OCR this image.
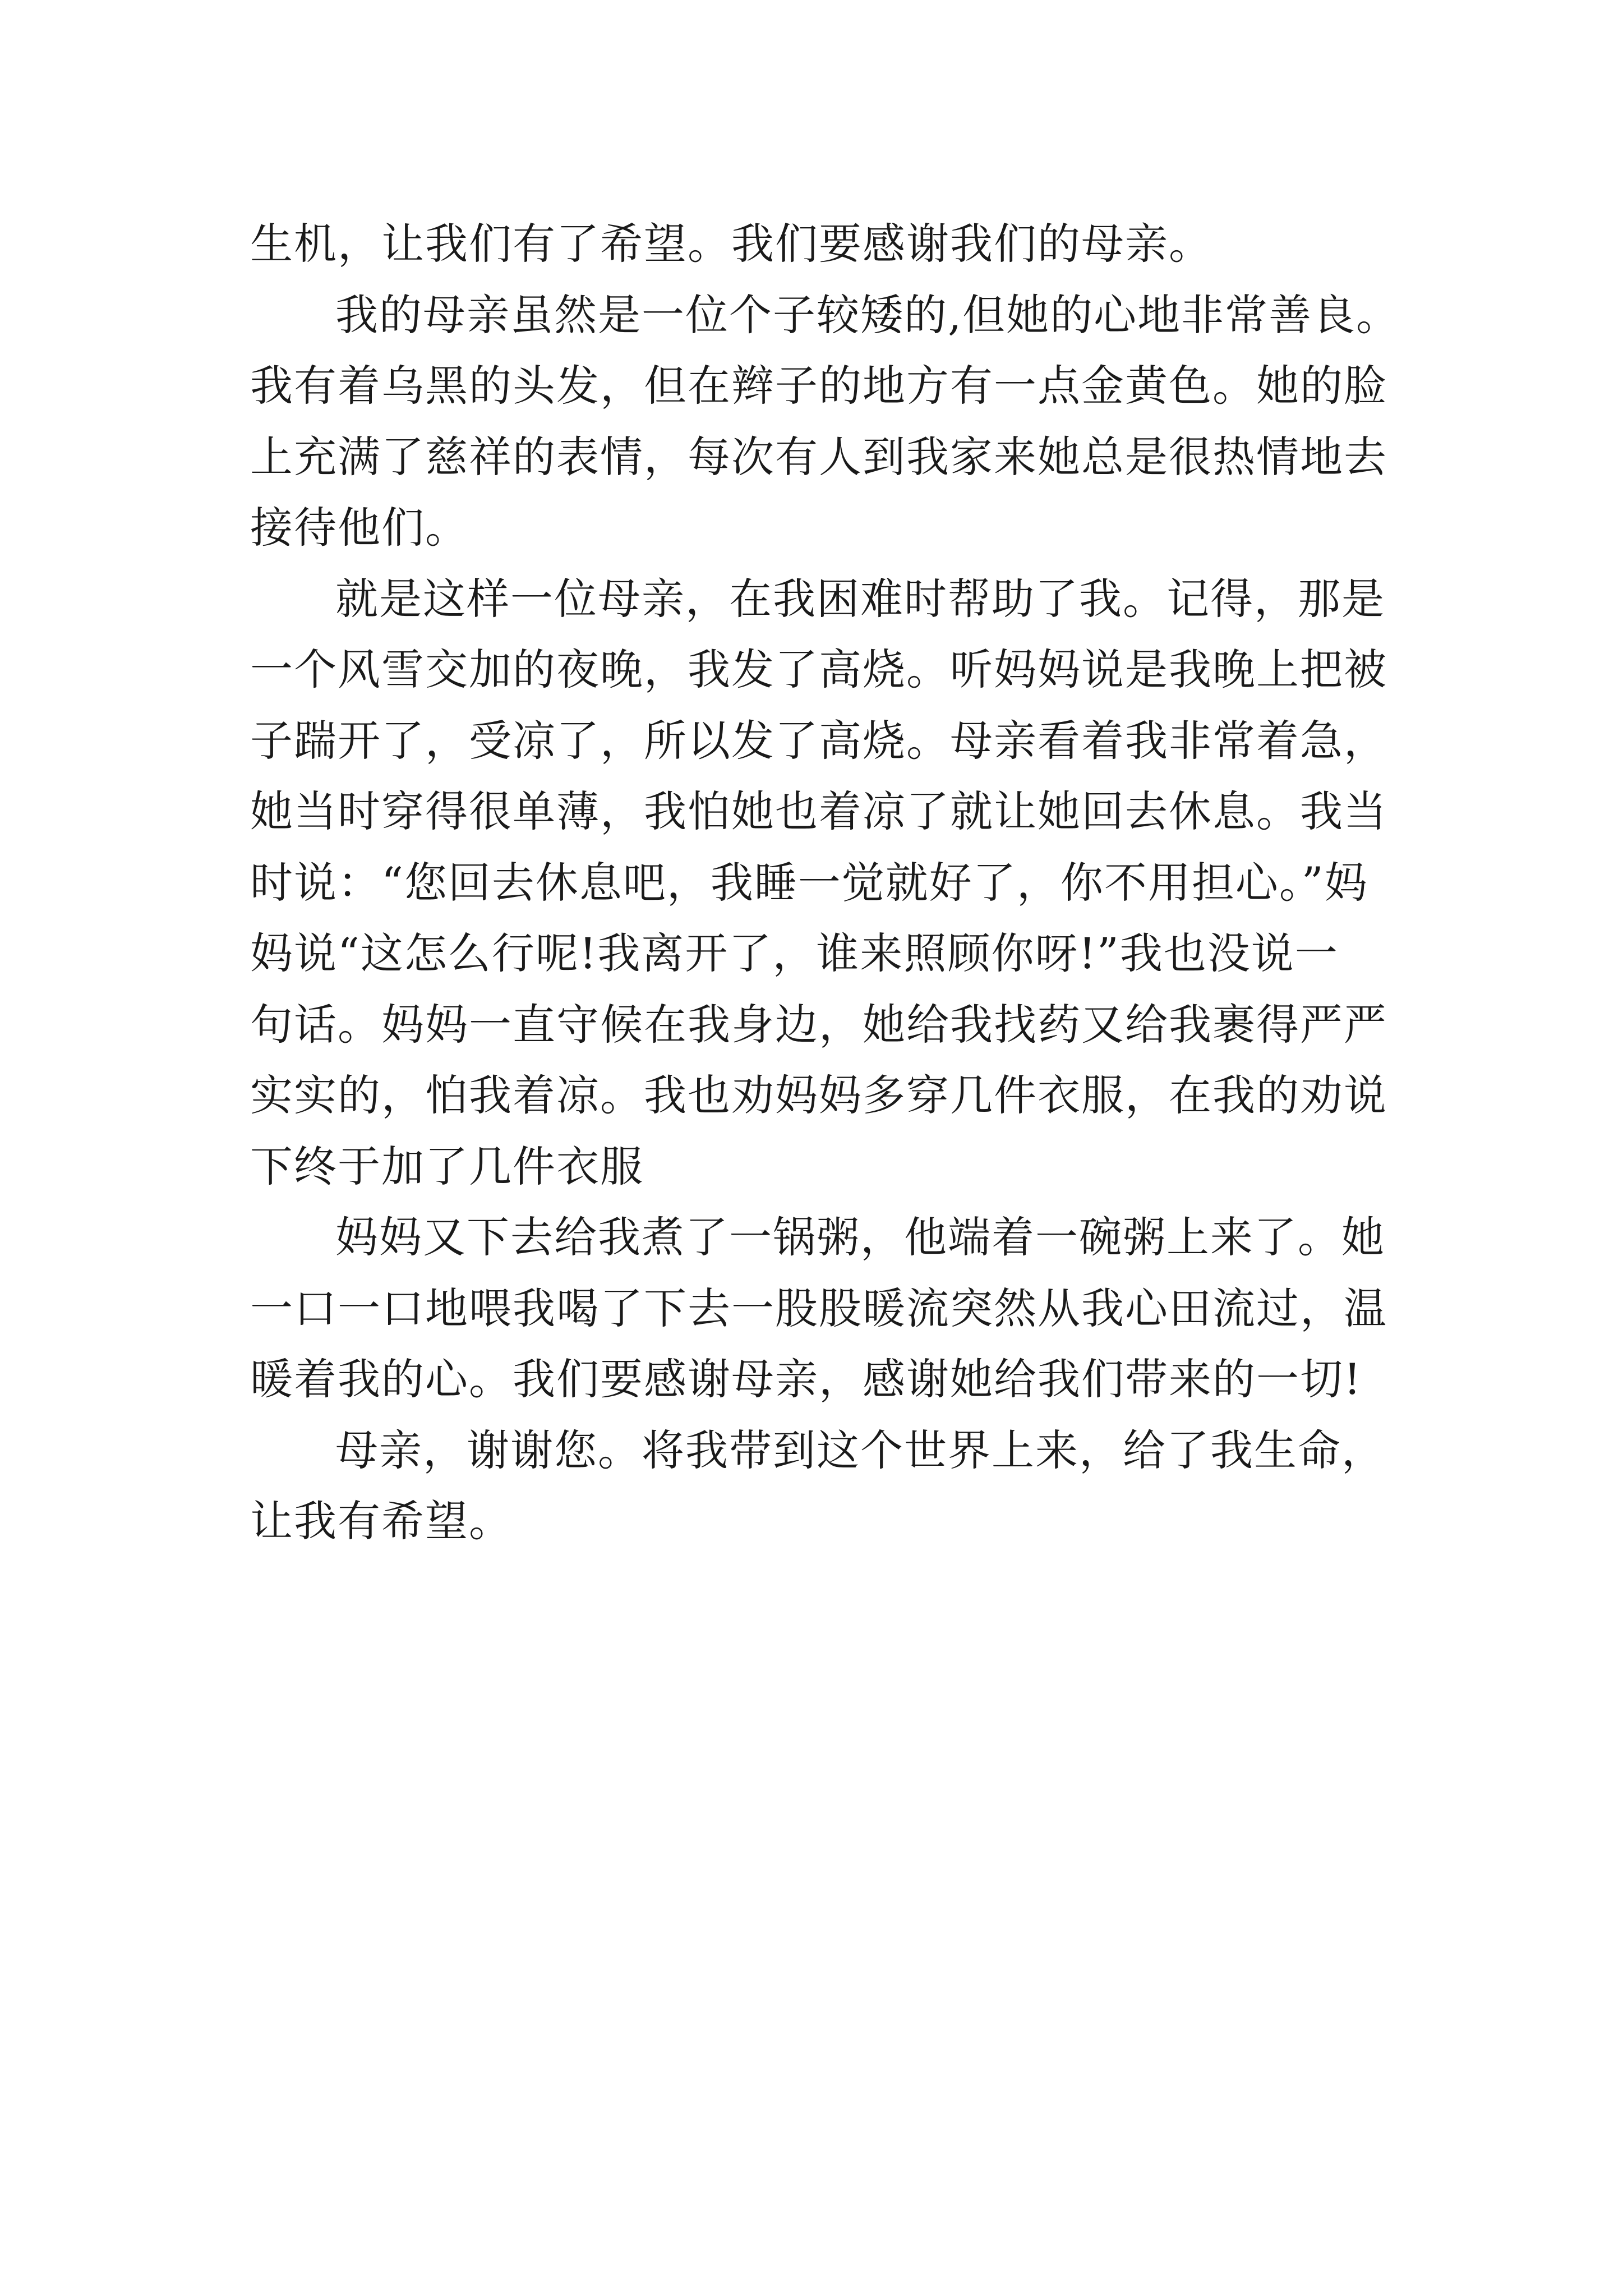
生机，让我们有了希望。我们要感谢我们的母亲。
我的母亲虽然是一位个子较矮的,但她的心地非常善良。
我有着乌黑的头发，但在辫子的地方有一点金黄色。她的脸
上充满了慈祥的表情，每次有人到我家来她总是很热情地去
接待他们。
就是这样一位母亲，在我困难时帮助了我。记得，那是
一个风雪交加的夜晚，我发了高烧。听妈妈说是我晚上把被
子踹开了，受凉了，所以发了高烧。母亲看着我非常着急，
她当时穿得很单薄，我怕她也着凉了就让她回去休息。我当
时说：“您回去休息吧，我睡一觉就好了，你不用担心。”妈
妈说“这怎么行呢!我离开了，谁来照顾你呀!”我也没说一
句话。妈妈一直守候在我身边，她给我找药又给我裹得严严
实实的，怕我着凉。我也劝妈妈多穿几件衣服，在我的劝说
下终于加了几件衣服
妈妈又下去给我煮了一锅粥，他端着一碗粥上来了。她
一口一口地喂我喝了下去一股股暖流突然从我心田流过，温
暖着我的心。我们要感谢母亲，感谢她给我们带来的一切!
母亲，谢谢您。将我带到这个世界上来，给了我生命，
让我有希望。
